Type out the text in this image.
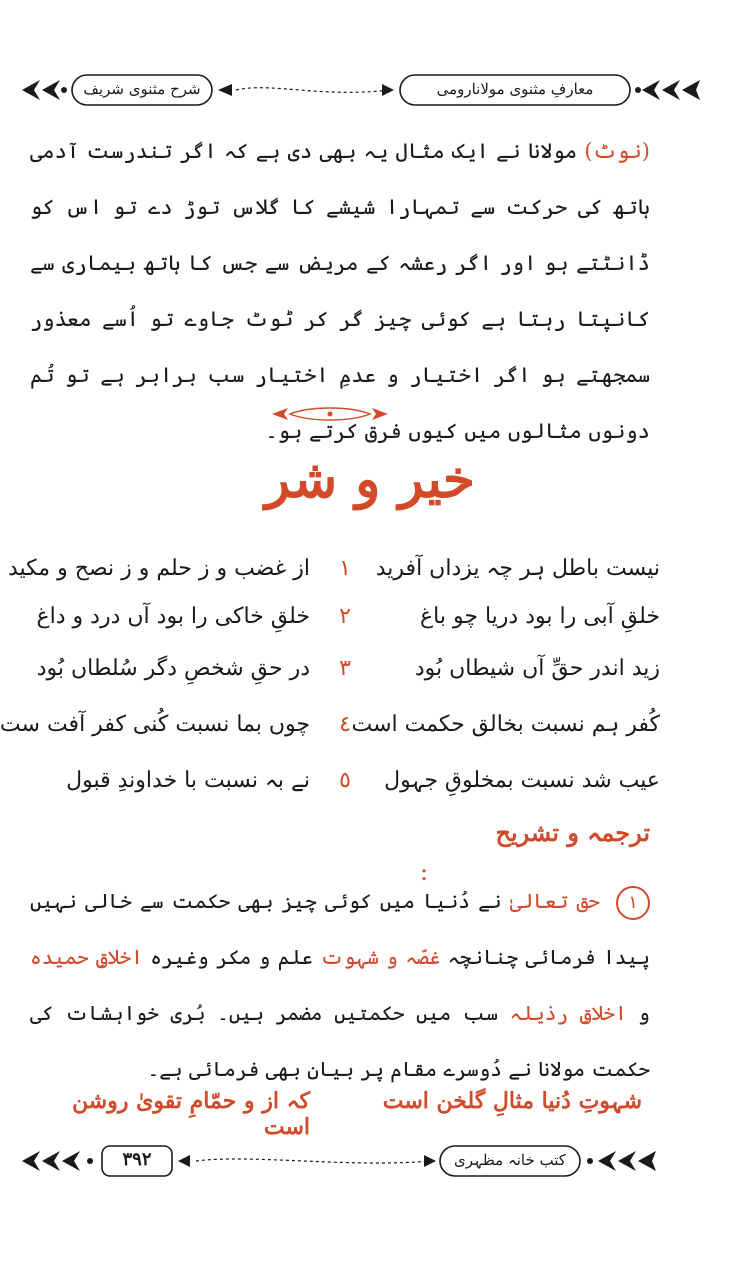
شرح مثنوی شریف	معارفِ مثنوی مولانارومی
(نوٹ) مولانا نے ایک مثال یہ بھی دی ہے کہ اگر تندرست آدمی ہاتھ کی حرکت سے تمہارا شیشے کا گلاس توڑ دے تو اس کو ڈانٹتے ہو اور اگر رعشہ کے مریض سے جس کا ہاتھ بیماری سے کانپتا رہتا ہے کوئی چیز گر کر ٹوٹ جاوے تو اُسے معذور سمجھتے ہو اگر اختیار و عدمِ اختیار سب برابر ہے تو تُم دونوں مثالوں میں کیوں فرق کرتے ہو۔
خیر و شر
نیست باطل ہر چہ یزداں آفرید
١
از غضب و ز حلم و ز نصح و مکید
خلقِ آبی را بود دریا چو باغ
٢
خلقِ خاکی را بود آں درد و داغ
زید اندر حقِّ آں شیطاں بُود
٣
در حقِ شخصِ دگر سُلطاں بُود
کُفر ہم نسبت بخالق حکمت است
٤
چوں بما نسبت کُنی کفر آفت ست
عیب شد نسبت بمخلوقِ جہول
٥
نے بہ نسبت با خداوندِ قبول
ترجمہ و تشریح
:
١ حق تعالیٰ نے دُنیا میں کوئی چیز بھی حکمت سے خالی نہیں پیدا فرمائی چنانچہ غصّہ و شہوت علم و مکر وغیرہ اخلاقِ حمیدہ و اخلاقِ رذیلہ سب میں حکمتیں مضمر ہیں۔ بُری خواہشات کی حکمت مولانا نے دُوسرے مقام پر بیان بھی فرمائی ہے۔
شہوتِ دُنیا مثالِ گلخن است
کہ از و حمّامِ تقویٰ روشن است
٣٩٢	کتب خانہ مظہری
